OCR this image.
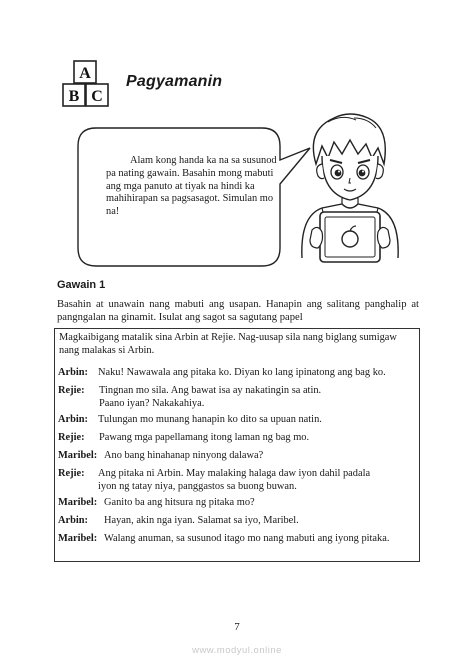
A
B C
Pagyamanin
Alam kong handa ka na sa susunod pa nating gawain. Basahin mong mabuti ang mga panuto at tiyak na hindi ka mahihirapan sa pagsasagot. Simulan mo na!
Gawain 1
Basahin at unawain nang mabuti ang usapan. Hanapin ang salitang panghalip at pangngalan na ginamit. Isulat ang sagot sa sagutang papel
Magkaibigang matalik sina Arbin at Rejie. Nag-uusap sila nang biglang sumigaw nang malakas si Arbin.
Arbin: Naku! Nawawala ang pitaka ko. Diyan ko lang ipinatong ang bag ko.
Rejie: Tingnan mo sila. Ang bawat isa ay nakatingin sa atin.
Paano iyan? Nakakahiya.
Arbin: Tulungan mo munang hanapin ko dito sa upuan natin.
Rejie: Pawang mga papellamang itong laman ng bag mo.
Maribel: Ano bang hinahanap ninyong dalawa?
Rejie: Ang pitaka ni Arbin. May malaking halaga daw iyon dahil padala
iyon ng tatay niya, panggastos sa buong buwan.
Maribel: Ganito ba ang hitsura ng pitaka mo?
Arbin: Hayan, akin nga iyan. Salamat sa iyo, Maribel.
Maribel: Walang anuman, sa susunod itago mo nang mabuti ang iyong pitaka.
7
www.modyul.online
